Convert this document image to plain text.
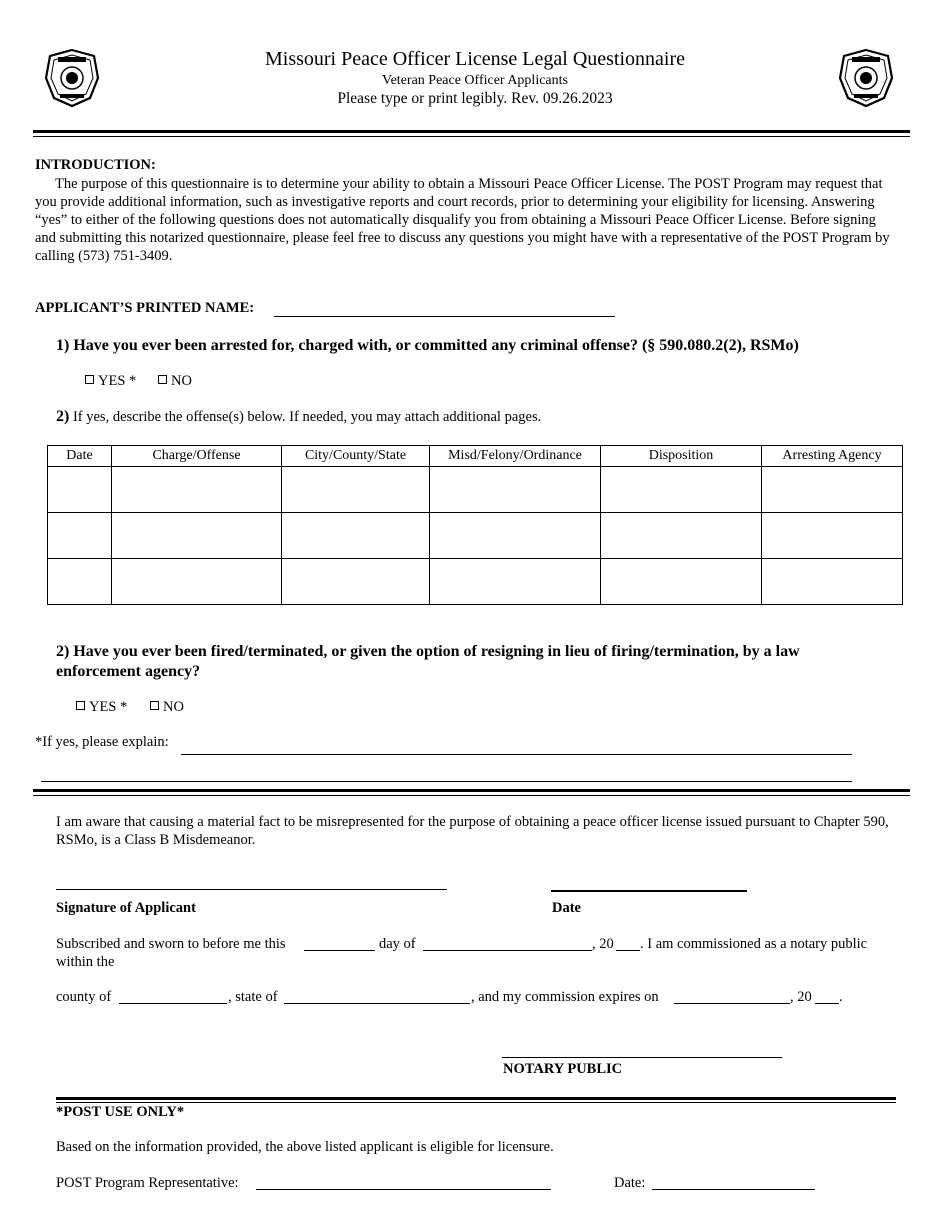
Missouri Peace Officer License Legal Questionnaire
Veteran Peace Officer Applicants
Please type or print legibly. Rev. 09.26.2023
INTRODUCTION:
The purpose of this questionnaire is to determine your ability to obtain a Missouri Peace Officer License. The POST Program may request that you provide additional information, such as investigative reports and court records, prior to determining your eligibility for licensing. Answering “yes” to either of the following questions does not automatically disqualify you from obtaining a Missouri Peace Officer License. Before signing and submitting this notarized questionnaire, please feel free to discuss any questions you might have with a representative of the POST Program by calling (573) 751-3409.
APPLICANT’S PRINTED NAME:
1) Have you ever been arrested for, charged with, or committed any criminal offense? (§ 590.080.2(2), RSMo)
YES *	NO
2) If yes, describe the offense(s) below. If needed, you may attach additional pages.
Date	Charge/Offense	City/County/State	Misd/Felony/Ordinance	Disposition	Arresting Agency

2) Have you ever been fired/terminated, or given the option of resigning in lieu of firing/termination, by a law enforcement agency?
YES *	NO
*If yes, please explain:
I am aware that causing a material fact to be misrepresented for the purpose of obtaining a peace officer license issued pursuant to Chapter 590, RSMo, is a Class B Misdemeanor.
Signature of Applicant	Date
Subscribed and sworn to before me this	day of	, 20 . I am commissioned as a notary public
within the
county of	, state of	, and my commission expires on	, 20 .
NOTARY PUBLIC
*POST USE ONLY*
Based on the information provided, the above listed applicant is eligible for licensure.
POST Program Representative:	Date:
